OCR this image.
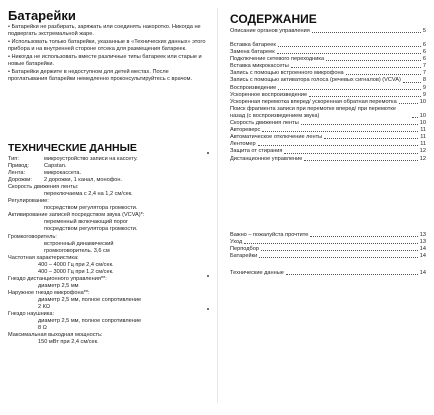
Батарейки

• Батарейки не разбирать, заряжать или соединять накоротко. Никогда не подвергать экстремальной жаре.

• Использовать только батарейки, указанные в «Технических данных» этого прибора и на внутренней стороне отсека для размещения батареек.

• Никогда не использовать вместе различные типы батареек или старые и новые батарейки.

• Батарейки держите в недоступном для детей местах. После проглатывания батарейки немедленно проконсультируйтесь с врачом.

ТЕХНИЧЕСКИЕ ДАННЫЕ
Тип:	микроустройство записи на кассету.
Привод:	Capstan.
Лента:	микрокассета.
Дорожки:	2 дорожки, 1 канал, монофон.
Скорость движения ленты:
переключаема с 2,4 на 1,2 см/сек.
Регулирование:
посредством регулятора громкости.
Активирование записей посредством звука (VCVA)*:
переменный включающий порог
посредством регулятора громкости.
Громкоговоритель:
встроенный динамический
громкоговоритель. 3,6 см
Частотная характеристика:
400 – 4000 Гц при 2,4 см/сек.
400 – 3000 Гц при 1,2 см/сек.
Гнездо дистанционного управления**:
диаметр 2,5 мм
Наружное гнездо микрофона**:
диаметр 2,5 мм, полное сопротивление
2 КΩ
Гнездо наушника:
диаметр 2,5 мм, полное сопротивление
8 Ω
Максимальная выходная мощность:
150 мВт при 2,4 см/сек.
СОДЕРЖАНИЕ
Описание органов управления	5
Вставка батареек	6
Замена батареек	6
Подключение сетевого переходника	6
Вставка микрокассеты	7
Запись с помощью встроенного микрофона	7
Запись с помощью активатора голоса (речевых сигналов) (VCVA)	8
Воспроизведение	9
Ускоренное воспроизведение	9
Ускоренная перемотка вперед/ ускоренная обратная перемотка	10
Поиск фрагмента записи при перемотке вперед/ при перемотке назад (с воспроизведением звука)	10
Скорость движения ленты	10
Автореверс	11
Автоматическое отключение ленты	11
Лентомер	11
Защита от стирания	12
Дистанционное управление	12
Важно – пожалуйста прочтите	13
Уход	13
Перподбор	14
Батарейки	14
Технические данные	14
